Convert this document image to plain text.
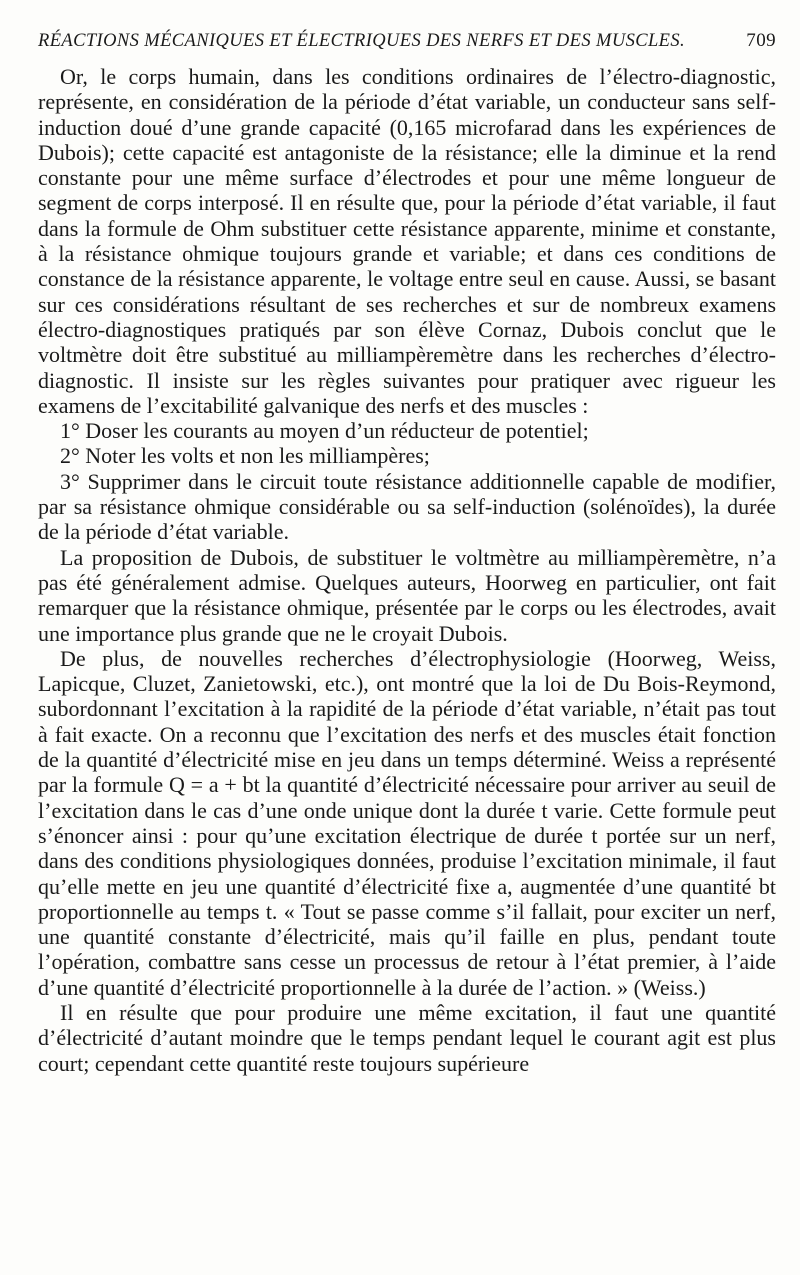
RÉACTIONS MÉCANIQUES ET ÉLECTRIQUES DES NERFS ET DES MUSCLES.	709

Or, le corps humain, dans les conditions ordinaires de l’électro-diagnostic, représente, en considération de la période d’état variable, un conducteur sans self-induction doué d’une grande capacité (0,165 microfarad dans les expériences de Dubois); cette capacité est antagoniste de la résistance; elle la diminue et la rend constante pour une même surface d’électrodes et pour une même longueur de segment de corps interposé. Il en résulte que, pour la période d’état variable, il faut dans la formule de Ohm substituer cette résistance apparente, minime et constante, à la résistance ohmique toujours grande et variable; et dans ces conditions de constance de la résistance apparente, le voltage entre seul en cause. Aussi, se basant sur ces considérations résultant de ses recherches et sur de nombreux examens électro-diagnostiques pratiqués par son élève Cornaz, Dubois conclut que le voltmètre doit être substitué au milliampèremètre dans les recherches d’électro-diagnostic. Il insiste sur les règles suivantes pour pratiquer avec rigueur les examens de l’excitabilité galvanique des nerfs et des muscles :

1° Doser les courants au moyen d’un réducteur de potentiel;

2° Noter les volts et non les milliampères;

3° Supprimer dans le circuit toute résistance additionnelle capable de modifier, par sa résistance ohmique considérable ou sa self-induction (solénoïdes), la durée de la période d’état variable.

La proposition de Dubois, de substituer le voltmètre au milliampèremètre, n’a pas été généralement admise. Quelques auteurs, Hoorweg en particulier, ont fait remarquer que la résistance ohmique, présentée par le corps ou les électrodes, avait une importance plus grande que ne le croyait Dubois.

De plus, de nouvelles recherches d’électrophysiologie (Hoorweg, Weiss, Lapicque, Cluzet, Zanietowski, etc.), ont montré que la loi de Du Bois-Reymond, subordonnant l’excitation à la rapidité de la période d’état variable, n’était pas tout à fait exacte. On a reconnu que l’excitation des nerfs et des muscles était fonction de la quantité d’électricité mise en jeu dans un temps déterminé. Weiss a représenté par la formule Q = a + bt la quantité d’électricité nécessaire pour arriver au seuil de l’excitation dans le cas d’une onde unique dont la durée t varie. Cette formule peut s’énoncer ainsi : pour qu’une excitation électrique de durée t portée sur un nerf, dans des conditions physiologiques données, produise l’excitation minimale, il faut qu’elle mette en jeu une quantité d’électricité fixe a, augmentée d’une quantité bt proportionnelle au temps t. « Tout se passe comme s’il fallait, pour exciter un nerf, une quantité constante d’électricité, mais qu’il faille en plus, pendant toute l’opération, combattre sans cesse un processus de retour à l’état premier, à l’aide d’une quantité d’électricité proportionnelle à la durée de l’action. » (Weiss.)

Il en résulte que pour produire une même excitation, il faut une quantité d’électricité d’autant moindre que le temps pendant lequel le courant agit est plus court; cependant cette quantité reste toujours supérieure
